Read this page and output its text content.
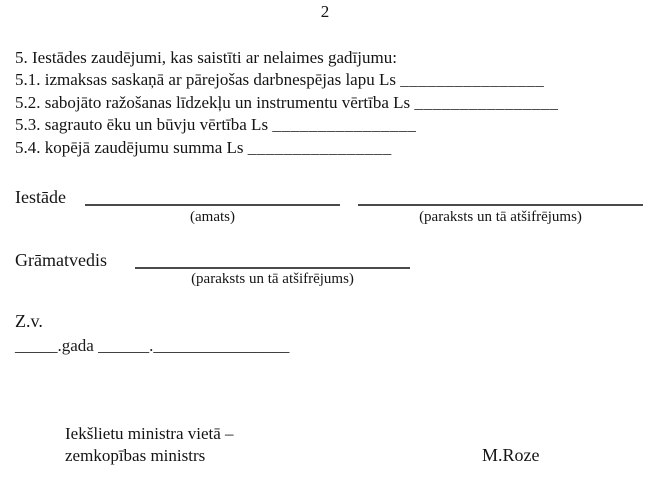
2
5. Iestādes zaudējumi, kas saistīti ar nelaimes gadījumu:
5.1. izmaksas saskaņā ar pārejošas darbnespējas lapu Ls ________________
5.2. sabojāto ražošanas līdzekļu un instrumentu vērtība Ls ________________
5.3. sagrauto ēku un būvju vērtība Ls ________________
5.4. kopējā zaudējumu summa Ls ________________
Iestāde
(amats)	(paraksts un tā atšifrējums)
Grāmatvedis
(paraksts un tā atšifrējums)
Z.v.
_____.gada ______.________________
Iekšlietu ministra vietā –
zemkopības ministrs	M.Roze
